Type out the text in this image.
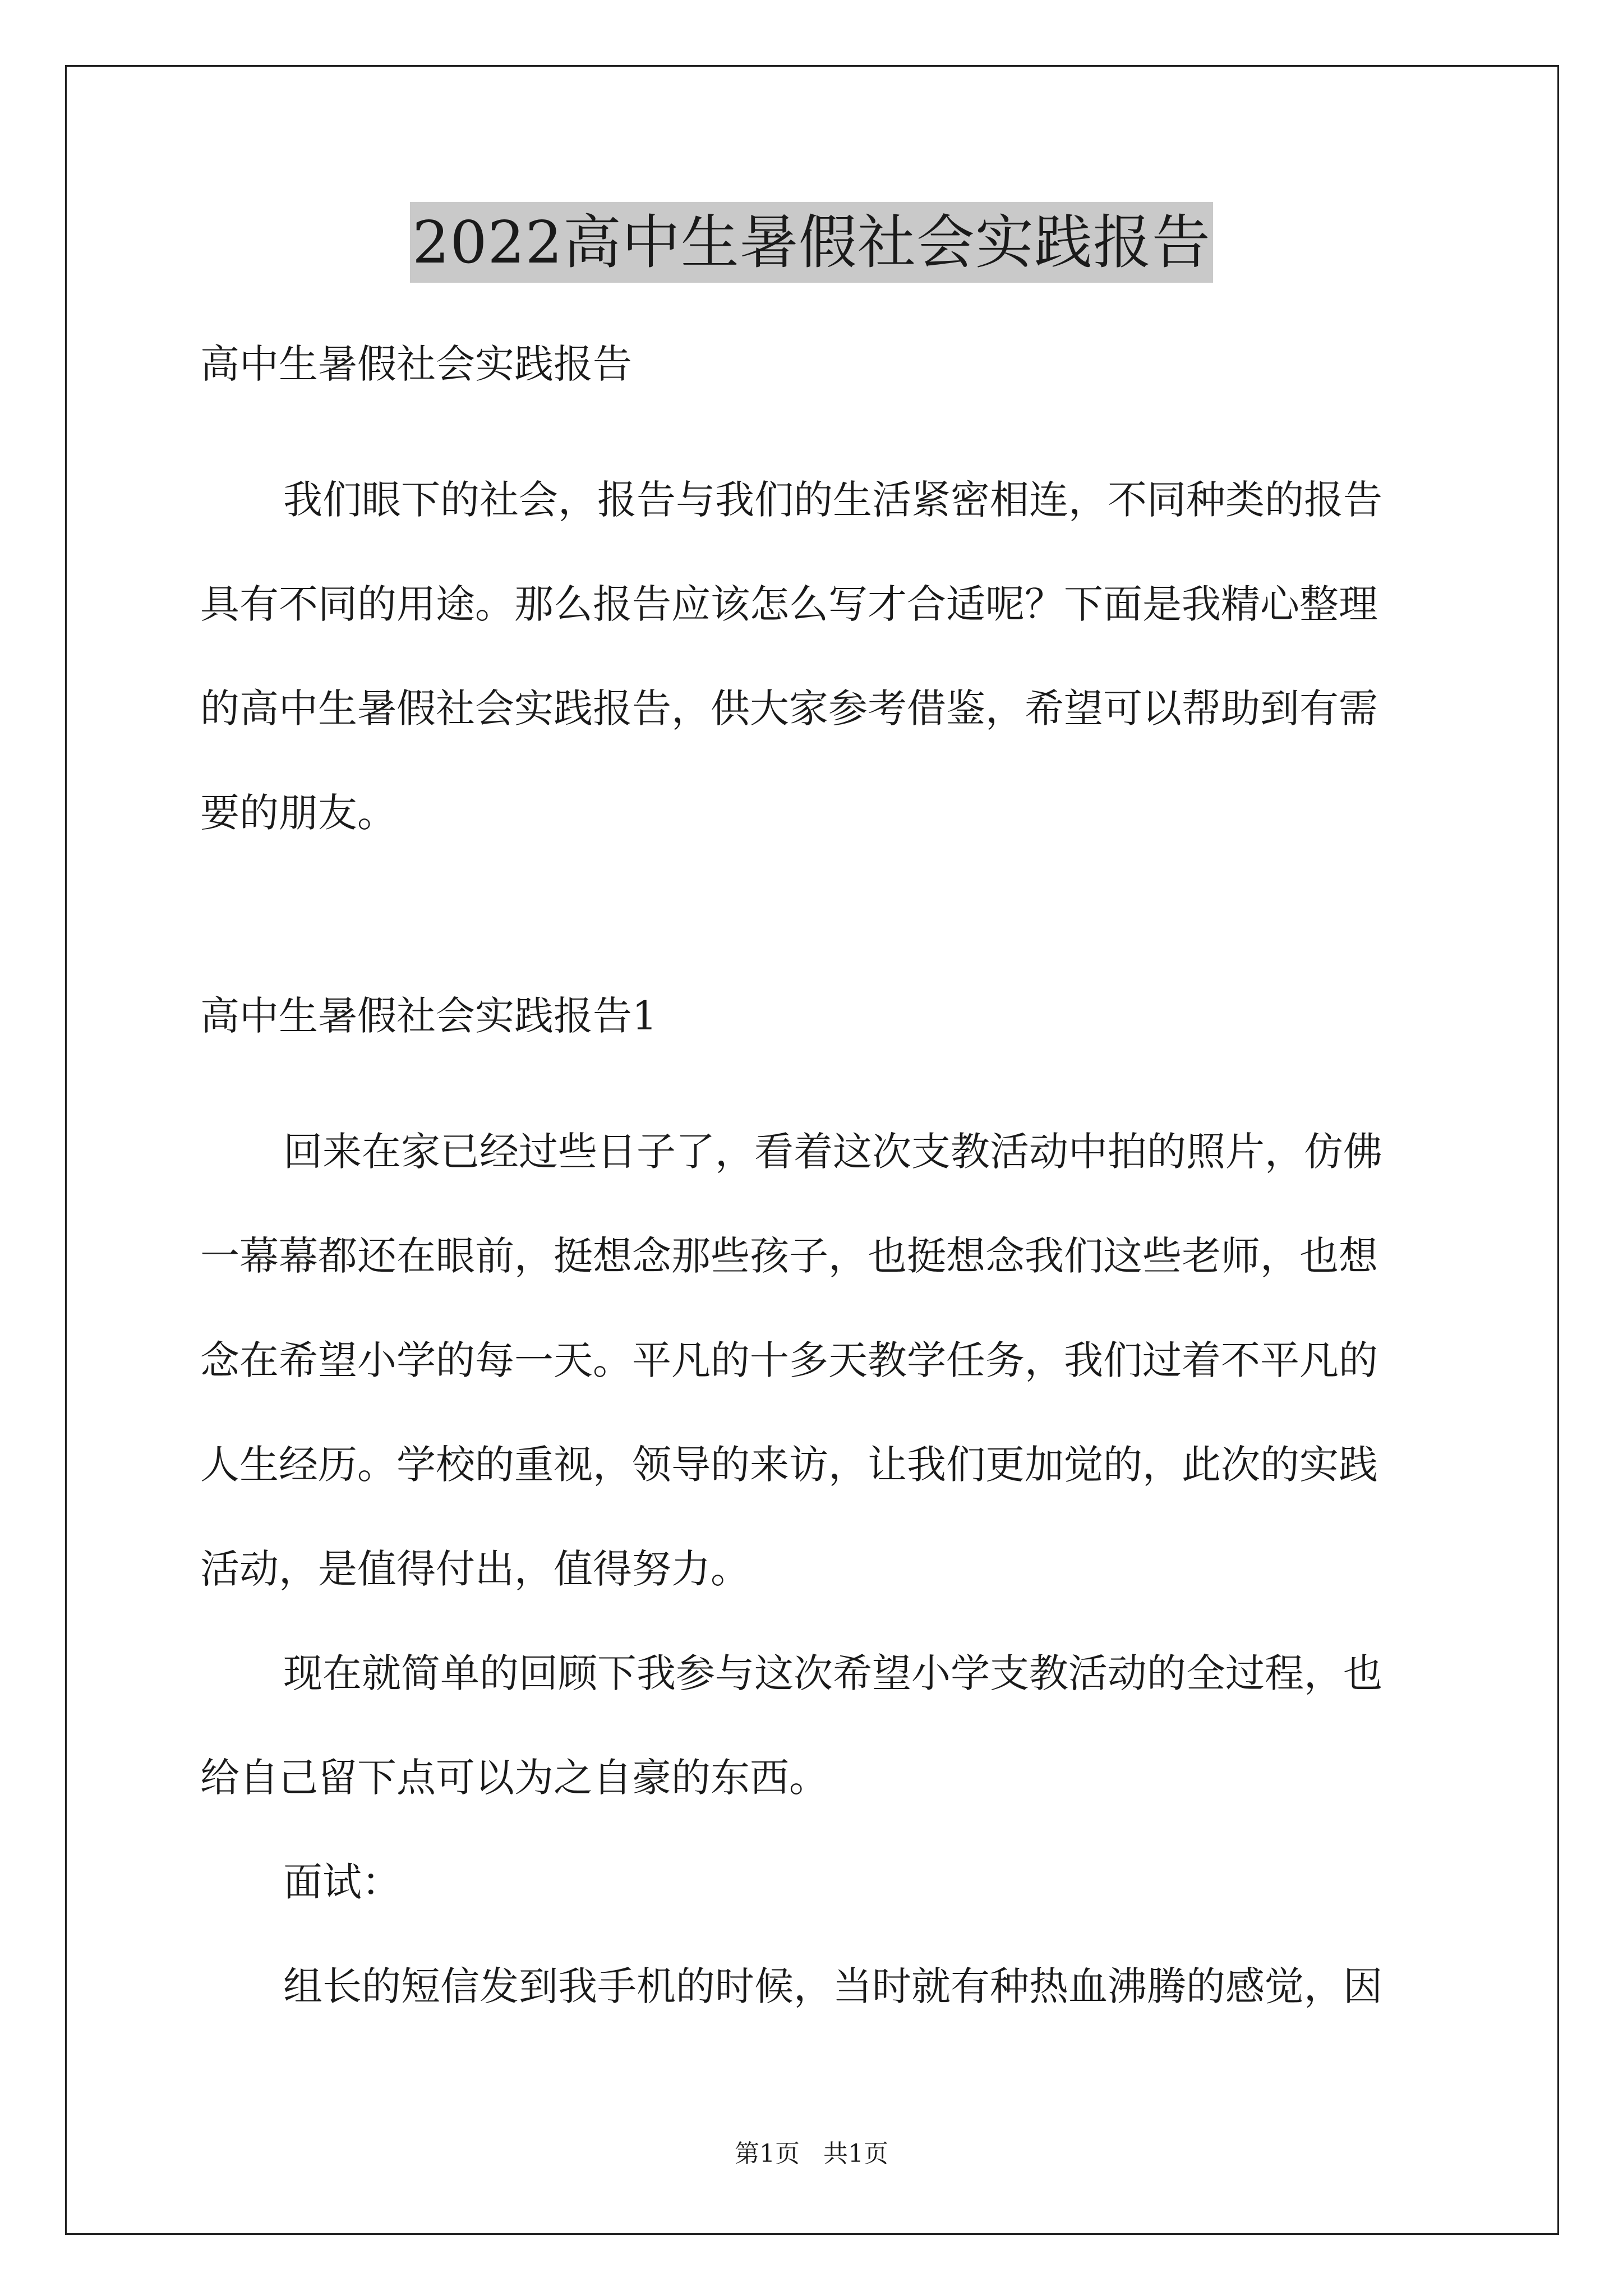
2022高中生暑假社会实践报告
高中生暑假社会实践报告
我们眼下的社会，报告与我们的生活紧密相连，不同种类的报告
具有不同的用途。那么报告应该怎么写才合适呢？下面是我精心整理
的高中生暑假社会实践报告，供大家参考借鉴，希望可以帮助到有需
要的朋友。
高中生暑假社会实践报告1
回来在家已经过些日子了，看着这次支教活动中拍的照片，仿佛
一幕幕都还在眼前，挺想念那些孩子，也挺想念我们这些老师，也想
念在希望小学的每一天。平凡的十多天教学任务，我们过着不平凡的
人生经历。学校的重视，领导的来访，让我们更加觉的，此次的实践
活动，是值得付出，值得努力。
现在就简单的回顾下我参与这次希望小学支教活动的全过程，也
给自己留下点可以为之自豪的东西。
面试：
组长的短信发到我手机的时候，当时就有种热血沸腾的感觉，因
第1页 共1页
